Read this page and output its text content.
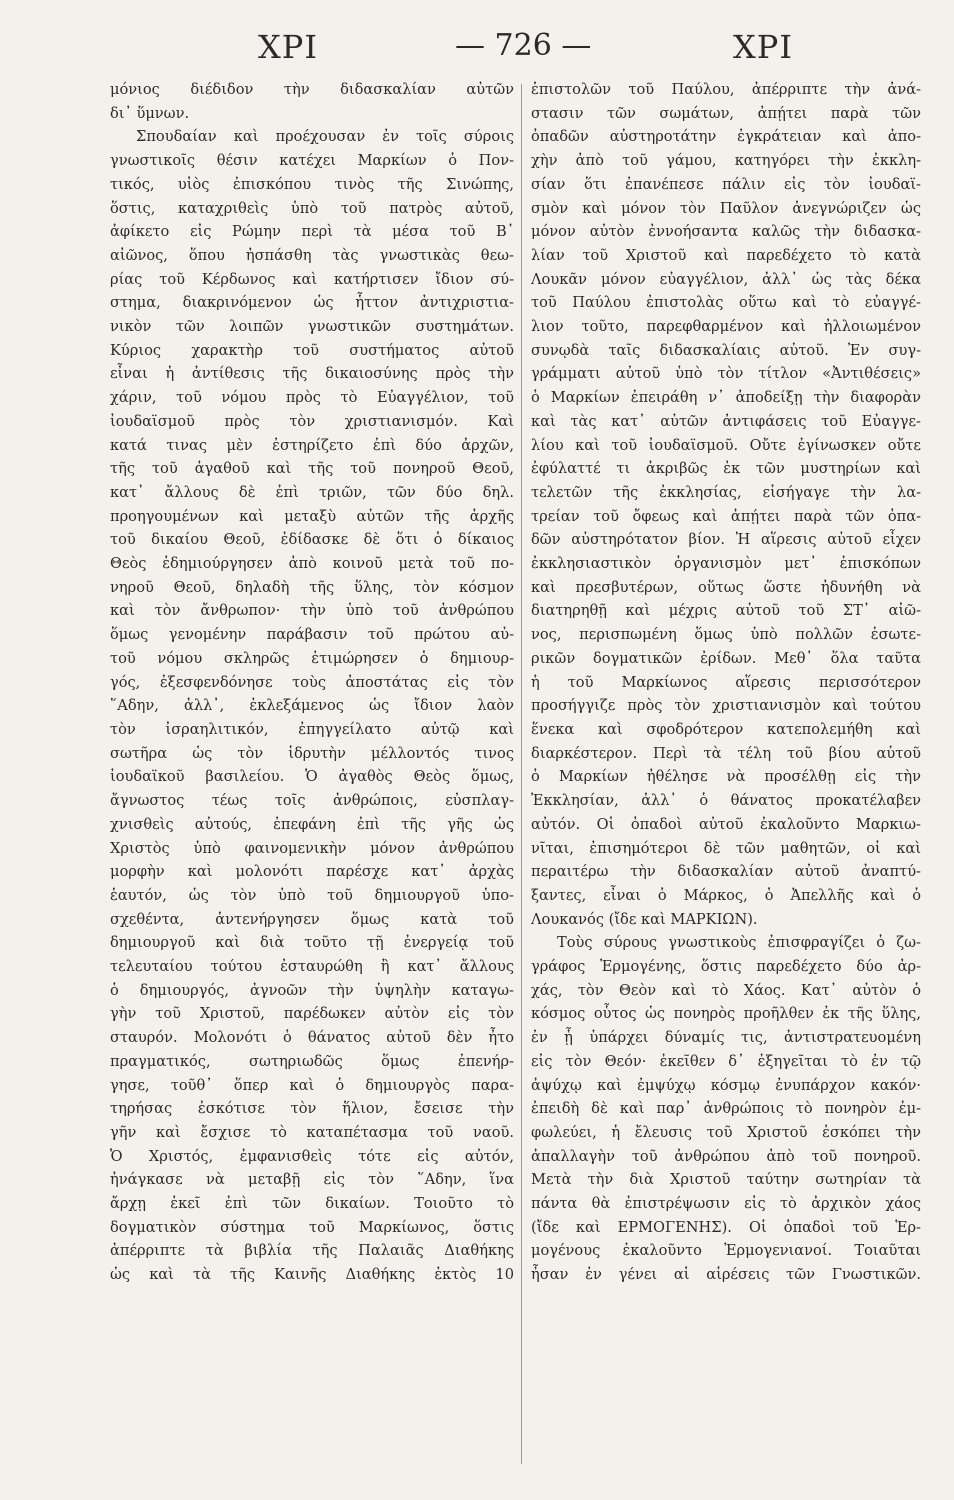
ΧΡΙ	— 726 —	ΧΡΙ
μόνιος διέδιδον τὴν διδασκαλίαν αὐτῶν
δι᾽ ὕμνων.
Σπουδαίαν καὶ προέχουσαν ἐν τοῖς σύροις
γνωστικοῖς θέσιν κατέχει Μαρκίων ὁ Πον-
τικός, υἱὸς ἐπισκόπου τινὸς τῆς Σινώπης,
ὅστις, καταχριθεὶς ὑπὸ τοῦ πατρὸς αὐτοῦ,
ἀφίκετο εἰς Ρώμην περὶ τὰ μέσα τοῦ Β᾽
αἰῶνος, ὅπου ἠσπάσθη τὰς γνωστικὰς θεω-
ρίας τοῦ Κέρδωνος καὶ κατήρτισεν ἴδιον σύ-
στημα, διακρινόμενον ὡς ἧττον ἀντιχριστια-
νικὸν τῶν λοιπῶν γνωστικῶν συστημάτων.
Κύριος χαρακτὴρ τοῦ συστήματος αὐτοῦ
εἶναι ἡ ἀντίθεσις τῆς δικαιοσύνης πρὸς τὴν
χάριν, τοῦ νόμου πρὸς τὸ Εὐαγγέλιον, τοῦ
ἰουδαϊσμοῦ πρὸς τὸν χριστιανισμόν. Καὶ
κατά τινας μὲν ἐστηρίζετο ἐπὶ δύο ἀρχῶν,
τῆς τοῦ ἀγαθοῦ καὶ τῆς τοῦ πονηροῦ Θεοῦ,
κατ᾽ ἄλλους δὲ ἐπὶ τριῶν, τῶν δύο δηλ.
προηγουμένων καὶ μεταξὺ αὐτῶν τῆς ἀρχῆς
τοῦ δικαίου Θεοῦ, ἐδίδασκε δὲ ὅτι ὁ δίκαιος
Θεὸς ἐδημιούργησεν ἀπὸ κοινοῦ μετὰ τοῦ πο-
νηροῦ Θεοῦ, δηλαδὴ τῆς ὕλης, τὸν κόσμον
καὶ τὸν ἄνθρωπον· τὴν ὑπὸ τοῦ ἀνθρώπου
ὅμως γενομένην παράβασιν τοῦ πρώτου αὐ-
τοῦ νόμου σκληρῶς ἐτιμώρησεν ὁ δημιουρ-
γός, ἐξεσφενδόνησε τοὺς ἀποστάτας εἰς τὸν
῞Αδην, ἀλλ᾽, ἐκλεξάμενος ὡς ἴδιον λαὸν
τὸν ἰσραηλιτικόν, ἐπηγγείλατο αὐτῷ καὶ
σωτῆρα ὡς τὸν ἱδρυτὴν μέλλοντός τινος
ἰουδαϊκοῦ βασιλείου. Ὁ ἀγαθὸς Θεὸς ὅμως,
ἄγνωστος τέως τοῖς ἀνθρώποις, εὐσπλαγ-
χνισθεὶς αὐτούς, ἐπεφάνη ἐπὶ τῆς γῆς ὡς
Χριστὸς ὑπὸ φαινομενικὴν μόνον ἀνθρώπου
μορφὴν καὶ μολονότι παρέσχε κατ᾽ ἀρχὰς
ἑαυτόν, ὡς τὸν ὑπὸ τοῦ δημιουργοῦ ὑπο-
σχεθέντα, ἀντενήργησεν ὅμως κατὰ τοῦ
δημιουργοῦ καὶ διὰ τοῦτο τῇ ἐνεργείᾳ τοῦ
τελευταίου τούτου ἐσταυρώθη ἢ κατ᾽ ἄλλους
ὁ δημιουργός, ἀγνοῶν τὴν ὑψηλὴν καταγω-
γὴν τοῦ Χριστοῦ, παρέδωκεν αὐτὸν εἰς τὸν
σταυρόν. Μολονότι ὁ θάνατος αὐτοῦ δὲν ἦτο
πραγματικός, σωτηριωδῶς ὅμως ἐπενήρ-
γησε, τοῦθ᾽ ὅπερ καὶ ὁ δημιουργὸς παρα-
τηρήσας ἐσκότισε τὸν ἥλιον, ἔσεισε τὴν
γῆν καὶ ἔσχισε τὸ καταπέτασμα τοῦ ναοῦ.
Ὁ Χριστός, ἐμφανισθεὶς τότε εἰς αὐτόν,
ἠνάγκασε νὰ μεταβῇ εἰς τὸν ῞Αδην, ἵνα
ἄρχῃ ἐκεῖ ἐπὶ τῶν δικαίων. Τοιοῦτο τὸ
δογματικὸν σύστημα τοῦ Μαρκίωνος, ὅστις
ἀπέρριπτε τὰ βιβλία τῆς Παλαιᾶς Διαθήκης
ὡς καὶ τὰ τῆς Καινῆς Διαθήκης ἐκτὸς 10
ἐπιστολῶν τοῦ Παύλου, ἀπέρριπτε τὴν ἀνά-
στασιν τῶν σωμάτων, ἀπῄτει παρὰ τῶν
ὀπαδῶν αὐστηροτάτην ἐγκράτειαν καὶ ἀπο-
χὴν ἀπὸ τοῦ γάμου, κατηγόρει τὴν ἐκκλη-
σίαν ὅτι ἐπανέπεσε πάλιν εἰς τὸν ἰουδαϊ-
σμὸν καὶ μόνον τὸν Παῦλον ἀνεγνώριζεν ὡς
μόνον αὐτὸν ἐννοήσαντα καλῶς τὴν διδασκα-
λίαν τοῦ Χριστοῦ καὶ παρεδέχετο τὸ κατὰ
Λουκᾶν μόνον εὐαγγέλιον, ἀλλ᾽ ὡς τὰς δέκα
τοῦ Παύλου ἐπιστολὰς οὕτω καὶ τὸ εὐαγγέ-
λιον τοῦτο, παρεφθαρμένον καὶ ἠλλοιωμένον
συνῳδὰ ταῖς διδασκαλίαις αὐτοῦ. Ἐν συγ-
γράμματι αὐτοῦ ὑπὸ τὸν τίτλον «Ἀντιθέσεις»
ὁ Μαρκίων ἐπειράθη ν᾽ ἀποδείξῃ τὴν διαφορὰν
καὶ τὰς κατ᾽ αὐτῶν ἀντιφάσεις τοῦ Εὐαγγε-
λίου καὶ τοῦ ἰουδαϊσμοῦ. Οὔτε ἐγίνωσκεν οὔτε
ἐφύλαττέ τι ἀκριβῶς ἐκ τῶν μυστηρίων καὶ
τελετῶν τῆς ἐκκλησίας, εἰσήγαγε τὴν λα-
τρείαν τοῦ ὄφεως καὶ ἀπῄτει παρὰ τῶν ὀπα-
δῶν αὐστηρότατον βίον. Ἡ αἵρεσις αὐτοῦ εἶχεν
ἐκκλησιαστικὸν ὀργανισμὸν μετ᾽ ἐπισκόπων
καὶ πρεσβυτέρων, οὕτως ὥστε ἠδυνήθη νὰ
διατηρηθῇ καὶ μέχρις αὐτοῦ τοῦ ΣΤ᾽ αἰῶ-
νος, περισπωμένη ὅμως ὑπὸ πολλῶν ἐσωτε-
ρικῶν δογματικῶν ἐρίδων. Μεθ᾽ ὅλα ταῦτα
ἡ τοῦ Μαρκίωνος αἵρεσις περισσότερον
προσήγγιζε πρὸς τὸν χριστιανισμὸν καὶ τούτου
ἕνεκα καὶ σφοδρότερον κατεπολεμήθη καὶ
διαρκέστερον. Περὶ τὰ τέλη τοῦ βίου αὐτοῦ
ὁ Μαρκίων ἠθέλησε νὰ προσέλθῃ εἰς τὴν
Ἐκκλησίαν, ἀλλ᾽ ὁ θάνατος προκατέλαβεν
αὐτόν. Οἱ ὀπαδοὶ αὐτοῦ ἐκαλοῦντο Μαρκιω-
νῖται, ἐπισημότεροι δὲ τῶν μαθητῶν, οἱ καὶ
περαιτέρω τὴν διδασκαλίαν αὐτοῦ ἀναπτύ-
ξαντες, εἶναι ὁ Μάρκος, ὁ Ἀπελλῆς καὶ ὁ
Λουκανός (ἴδε καὶ ΜΑΡΚΙΩΝ).
Τοὺς σύρους γνωστικοὺς ἐπισφραγίζει ὁ ζω-
γράφος Ἑρμογένης, ὅστις παρεδέχετο δύο ἀρ-
χάς, τὸν Θεὸν καὶ τὸ Χάος. Κατ᾽ αὐτὸν ὁ
κόσμος οὗτος ὡς πονηρὸς προῆλθεν ἐκ τῆς ὕλης,
ἐν ᾗ ὑπάρχει δύναμίς τις, ἀντιστρατευομένη
εἰς τὸν Θεόν· ἐκεῖθεν δ᾽ ἐξηγεῖται τὸ ἐν τῷ
ἀψύχῳ καὶ ἐμψύχῳ κόσμῳ ἐνυπάρχον κακόν·
ἐπειδὴ δὲ καὶ παρ᾽ ἀνθρώποις τὸ πονηρὸν ἐμ-
φωλεύει, ἡ ἔλευσις τοῦ Χριστοῦ ἐσκόπει τὴν
ἀπαλλαγὴν τοῦ ἀνθρώπου ἀπὸ τοῦ πονηροῦ.
Μετὰ τὴν διὰ Χριστοῦ ταύτην σωτηρίαν τὰ
πάντα θὰ ἐπιστρέψωσιν εἰς τὸ ἀρχικὸν χάος
(ἴδε καὶ ΕΡΜΟΓΕΝΗΣ). Οἱ ὀπαδοὶ τοῦ Ἑρ-
μογένους ἐκαλοῦντο Ἑρμογενιανοί. Τοιαῦται
ἦσαν ἐν γένει αἱ αἱρέσεις τῶν Γνωστικῶν.
